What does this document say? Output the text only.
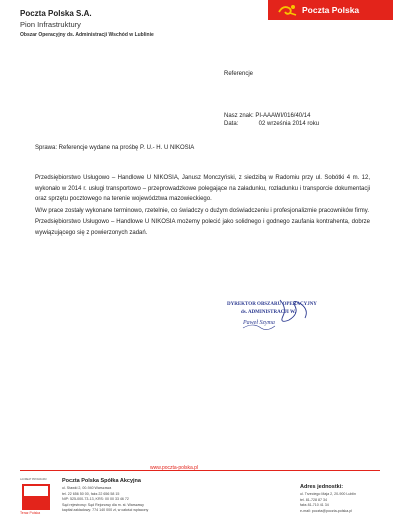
Poczta Polska S.A.
Pion Infrastruktury
Obszar Operacyjny ds. Administracji Wschód w Lublinie
Poczta Polska
Referencje
Nasz znak: PI-AAAWI/016/40/14
Data:	02 września 2014 roku
Sprawa: Referencje wydane na prośbę P. U.- H. U NIKOSIA

Przedsiębiorstwo Usługowo – Handlowe U NIKOSIA, Janusz Monczyński, z siedzibą w Radomiu przy ul. Sobótki 4 m. 12, wykonało w 2014 r. usługi transportowo – przeprowadzkowe polegające na załadunku, rozładunku i transporcie dokumentacji oraz sprzętu pocztowego na terenie województwa mazowieckiego.

W/w prace zostały wykonane terminowo, rzetelnie, co świadczy o dużym doświadczeniu i profesjonalizmie pracowników firmy.

Przedsiębiorstwo Usługowo – Handlowe U NIKOSIA możemy polecić jako solidnego i godnego zaufania kontrahenta, dobrze wywiązującego się z powierzonych zadań.

DYREKTOR OBSZARU OPERACYJNY
ds. ADMINISTRACJI W.
Paweł Szyma
www.poczta-polska.pl
LAUREAT PROGRAMU
Teraz Polska
Poczta Polska Spółka Akcyjna
ul. Stawki 2, 00-940 Warszawa
tel. 22 656 50 00, faks 22 656 58 15
NIP: 525-000-73-13, KRS: 00 00 33 46 72
Sąd rejestrowy: Sąd Rejonowy dla m. st. Warszawy
kapitał zakładowy: 774 140 000 zł, w całości wpłacony
Adres jednostki:
ul. Trzeciego Maja 2, 20-900 Lublin
tel. 81-728 87 34
faks 81-710 41 34
e-mail: poczta@poczta-polska.pl
